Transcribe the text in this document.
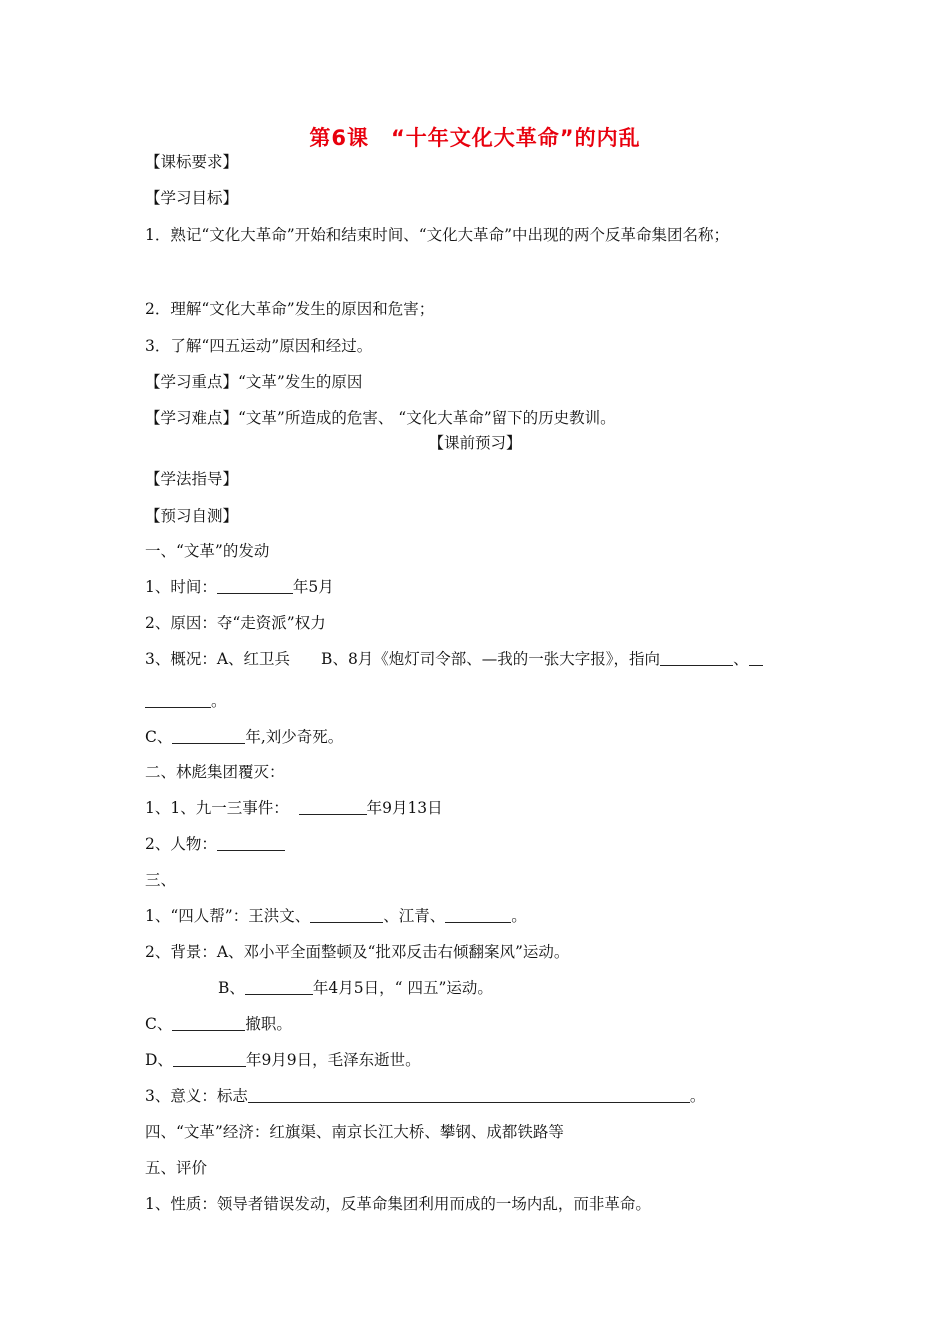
第6课　“十年文化大革命”的内乱
【课标要求】
【学习目标】
1．熟记“文化大革命”开始和结束时间、“文化大革命”中出现的两个反革命集团名称；
2．理解“文化大革命”发生的原因和危害；
3．了解“四五运动”原因和经过。
【学习重点】“文革”发生的原因
【学习难点】“文革”所造成的危害、 “文化大革命”留下的历史教训。
【课前预习】
【学法指导】
【预习自测】
一、“文革”的发动
1、时间：	年5月
2、原因：夺“走资派”权力
3、概况：A、红卫兵　　B、8月《炮灯司令部、—我的一张大字报》，指向	、
。
C、	年,刘少奇死。
二、林彪集团覆灭：
1、1、九一三事件：	年9月13日
2、人物：
三、
1、“四人帮”：王洪文、	、江青、	。
2、背景：A、邓小平全面整顿及“批邓反击右倾翻案风”运动。
B、	年4月5日，“ 四五”运动。
C、	撤职。
D、	年9月9日，毛泽东逝世。
3、意义：标志	。
四、“文革”经济：红旗渠、南京长江大桥、攀钢、成都铁路等
五、评价
1、性质：领导者错误发动，反革命集团利用而成的一场内乱，而非革命。
